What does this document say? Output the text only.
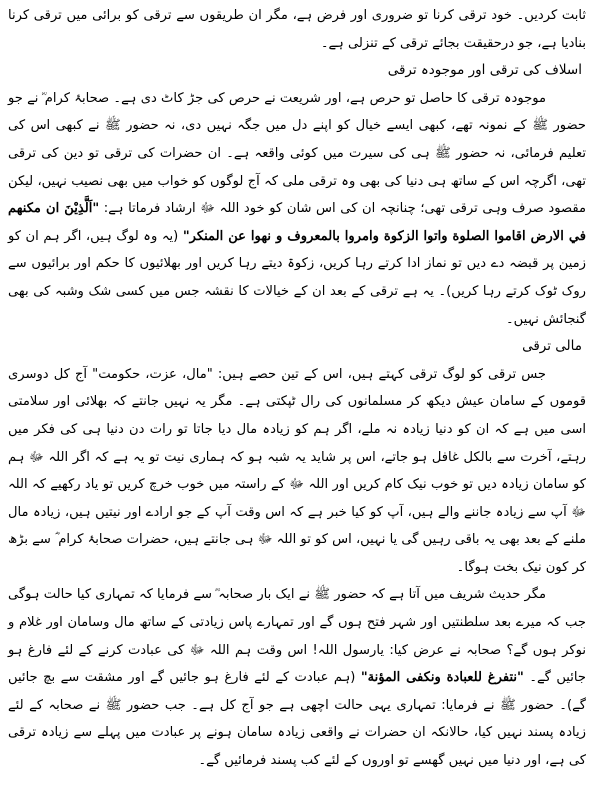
ثابت کردیں۔ خود ترقی کرنا تو ضروری اور فرض ہے، مگر ان طریقوں سے ترقی کو برائی میں ترقی کرنا بنادیا ہے، جو درحقیقت بجائے ترقی کے تنزلی ہے۔

اسلاف کی ترقی اور موجودہ ترقی

موجودہ ترقی کا حاصل تو حرص ہے، اور شریعت نے حرص کی جڑ کاٹ دی ہے۔ صحابۂ کرام ؓ نے جو حضور ﷺ کے نمونہ تھے، کبھی ایسے خیال کو اپنے دل میں جگہ نہیں دی، نہ حضور ﷺ نے کبھی اس کی تعلیم فرمائی، نہ حضور ﷺ ہی کی سیرت میں کوئی واقعہ ہے۔ ان حضرات کی ترقی تو دین کی ترقی تھی، اگرچہ اس کے ساتھ ہی دنیا کی بھی وہ ترقی ملی کہ آج لوگوں کو خواب میں بھی نصیب نہیں، لیکن مقصود صرف وہی ترقی تھی؛ چنانچہ ان کی اس شان کو خود اللہ ﷻ ارشاد فرماتا ہے: "اَلَّذِيْنَ ان مكنهم في الارض اقاموا الصلوة واتوا الزكوة وامروا بالمعروف و نهوا عن المنكر" (یہ وہ لوگ ہیں، اگر ہم ان کو زمین پر قبضہ دے دیں تو نماز ادا کرتے رہا کریں، زکوۃ دیتے رہا کریں اور بھلائیوں کا حکم اور برائیوں سے روک ٹوک کرتے رہا کریں)۔ یہ ہے ترقی کے بعد ان کے خیالات کا نقشہ جس میں کسی شک وشبہ کی بھی گنجائش نہیں۔

مالی ترقی

جس ترقی کو لوگ ترقی کہتے ہیں، اس کے تین حصے ہیں: "مال، عزت، حکومت" آج کل دوسری قوموں کے سامان عیش دیکھ کر مسلمانوں کی رال ٹپکتی ہے۔ مگر یہ نہیں جانتے کہ بھلائی اور سلامتی اسی میں ہے کہ ان کو دنیا زیادہ نہ ملے، اگر ہم کو زیادہ مال دیا جاتا تو رات دن دنیا ہی کی فکر میں رہتے، آخرت سے بالکل غافل ہو جاتے، اس پر شاید یہ شبہ ہو کہ ہماری نیت تو یہ ہے کہ اگر اللہ ﷻ ہم کو سامان زیادہ دیں تو خوب نیک کام کریں اور اللہ ﷻ کے راستہ میں خوب خرچ کریں تو یاد رکھیے کہ اللہ ﷻ آپ سے زیادہ جاننے والے ہیں، آپ کو کیا خبر ہے کہ اس وقت آپ کے جو ارادے اور نیتیں ہیں، زیادہ مال ملنے کے بعد بھی یہ باقی رہیں گی یا نہیں، اس کو تو اللہ ﷻ ہی جانتے ہیں، حضرات صحابۂ کرام ؓ سے بڑھ کر کون نیک بخت ہوگا۔

مگر حدیث شریف میں آتا ہے کہ حضور ﷺ نے ایک بار صحابہ ؓ سے فرمایا کہ تمہاری کیا حالت ہوگی جب کہ میرے بعد سلطنتیں اور شہر فتح ہوں گے اور تمہارے پاس زیادتی کے ساتھ مال وسامان اور غلام و نوکر ہوں گے؟ صحابہ نے عرض کیا: یارسول اللہ! اس وقت ہم اللہ ﷻ کی عبادت کرنے کے لئے فارغ ہو جائیں گے۔ "نتفرغ للعبادة ونكفى المؤنة" (ہم عبادت کے لئے فارغ ہو جائیں گے اور مشقت سے بچ جائیں گے)۔ حضور ﷺ نے فرمایا: تمہاری یہی حالت اچھی ہے جو آج کل ہے۔ جب حضور ﷺ نے صحابہ کے لئے زیادہ پسند نہیں کیا، حالانکہ ان حضرات نے واقعی زیادہ سامان ہونے پر عبادت میں پہلے سے زیادہ ترقی کی ہے، اور دنیا میں نہیں گھسے تو اوروں کے لئے کب پسند فرمائیں گے۔
